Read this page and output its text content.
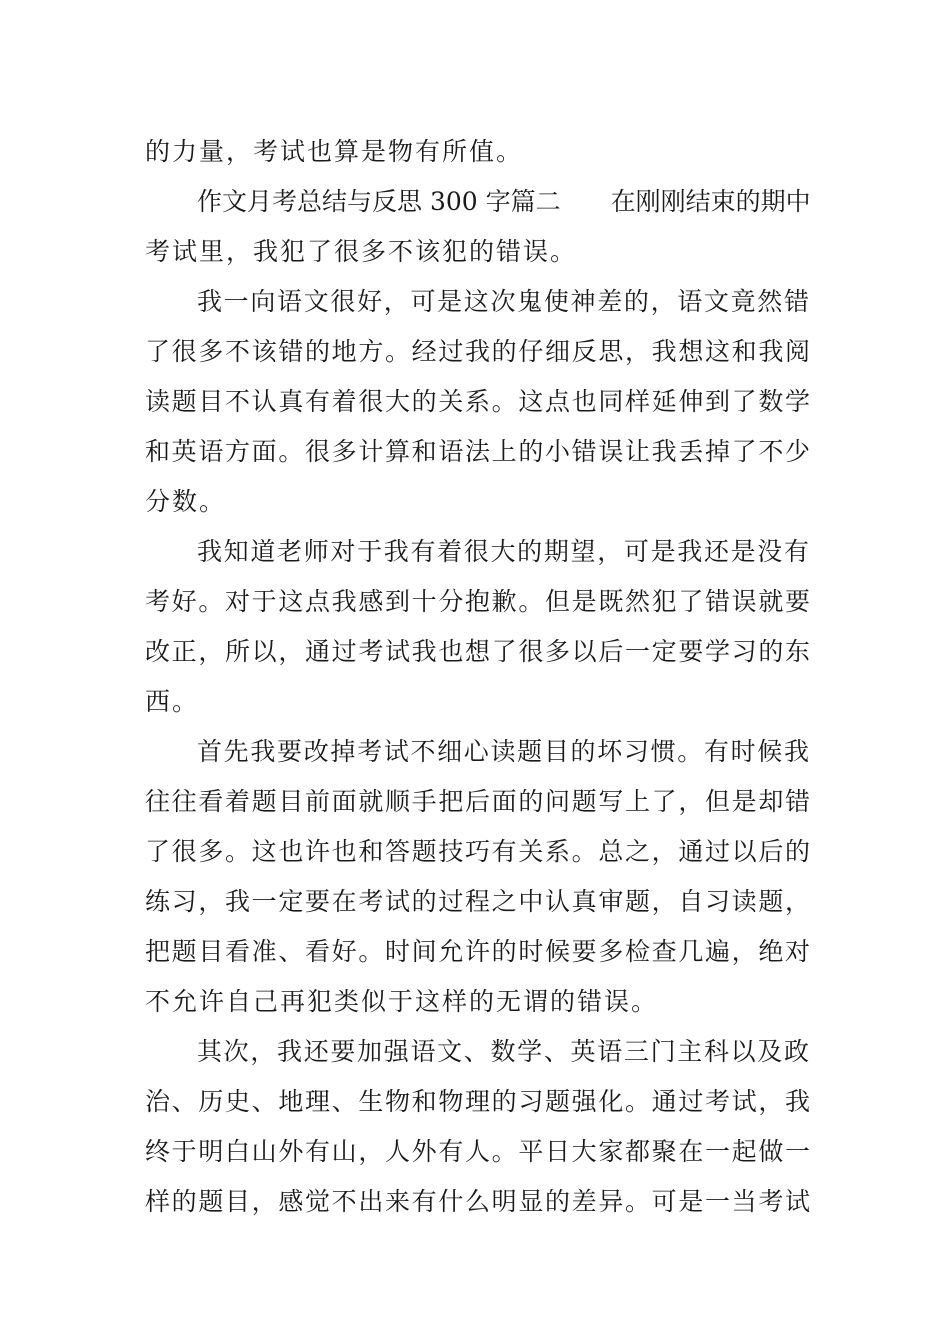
的力量，考试也算是物有所值。
作文月考总结与反思 300 字篇二　　在刚刚结束的期中
考试里，我犯了很多不该犯的错误。
我一向语文很好，可是这次鬼使神差的，语文竟然错
了很多不该错的地方。经过我的仔细反思，我想这和我阅
读题目不认真有着很大的关系。这点也同样延伸到了数学
和英语方面。很多计算和语法上的小错误让我丢掉了不少
分数。
我知道老师对于我有着很大的期望，可是我还是没有
考好。对于这点我感到十分抱歉。但是既然犯了错误就要
改正，所以，通过考试我也想了很多以后一定要学习的东
西。
首先我要改掉考试不细心读题目的坏习惯。有时候我
往往看着题目前面就顺手把后面的问题写上了，但是却错
了很多。这也许也和答题技巧有关系。总之，通过以后的
练习，我一定要在考试的过程之中认真审题，自习读题，
把题目看准、看好。时间允许的时候要多检查几遍，绝对
不允许自己再犯类似于这样的无谓的错误。
其次，我还要加强语文、数学、英语三门主科以及政
治、历史、地理、生物和物理的习题强化。通过考试，我
终于明白山外有山，人外有人。平日大家都聚在一起做一
样的题目，感觉不出来有什么明显的差异。可是一当考试
